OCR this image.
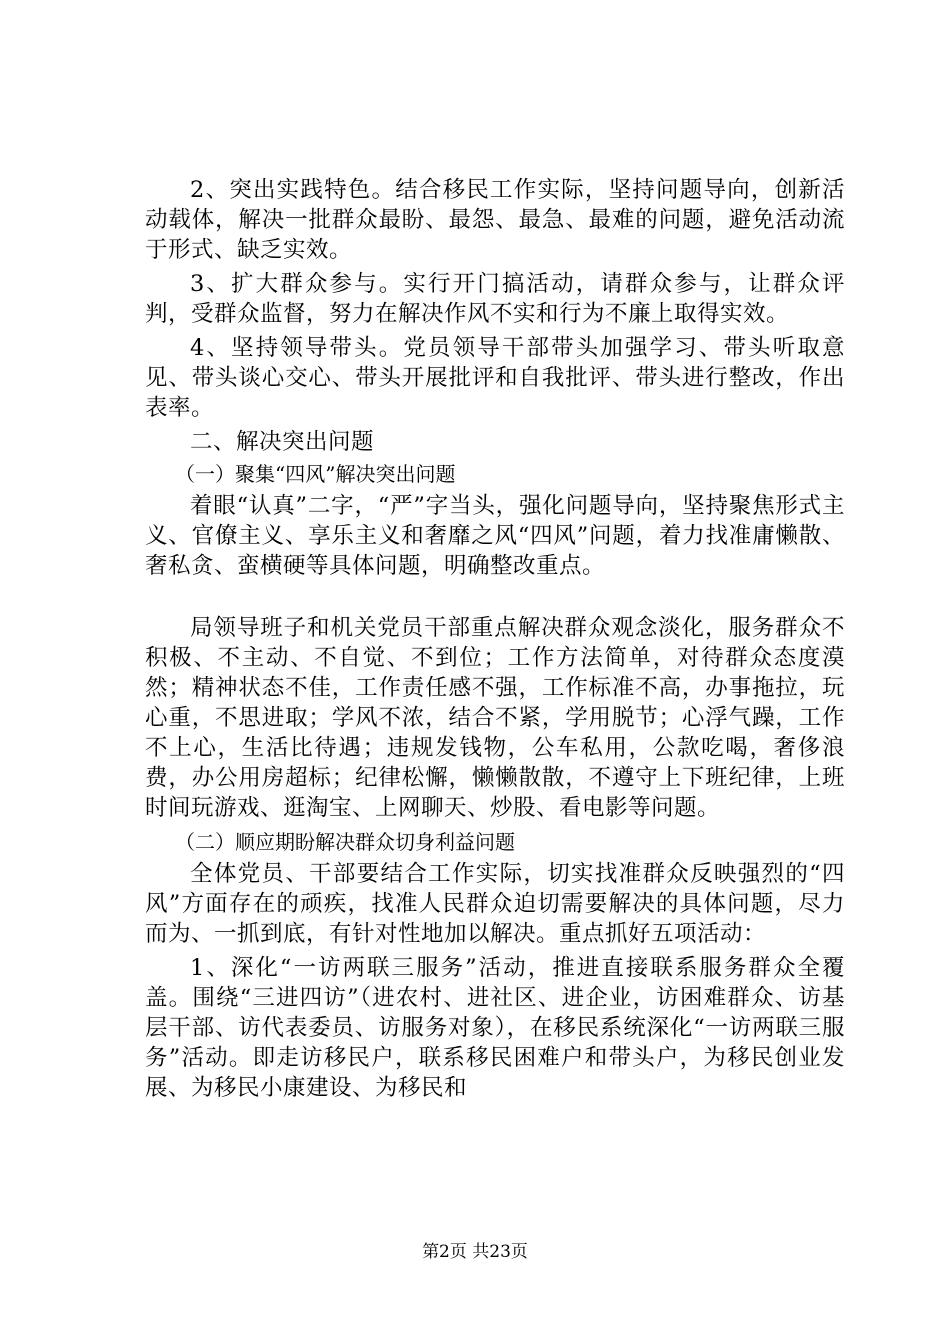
2、突出实践特色。结合移民工作实际，坚持问题导向，创新活动载体，解决一批群众最盼、最怨、最急、最难的问题，避免活动流于形式、缺乏实效。

3、扩大群众参与。实行开门搞活动，请群众参与，让群众评判，受群众监督，努力在解决作风不实和行为不廉上取得实效。

4、坚持领导带头。党员领导干部带头加强学习、带头听取意见、带头谈心交心、带头开展批评和自我批评、带头进行整改，作出表率。

二、解决突出问题

（一）聚集“四风”解决突出问题

着眼“认真”二字，“严”字当头，强化问题导向，坚持聚焦形式主义、官僚主义、享乐主义和奢靡之风“四风”问题，着力找准庸懒散、奢私贪、蛮横硬等具体问题，明确整改重点。

局领导班子和机关党员干部重点解决群众观念淡化，服务群众不积极、不主动、不自觉、不到位；工作方法简单，对待群众态度漠然；精神状态不佳，工作责任感不强，工作标准不高，办事拖拉，玩心重，不思进取；学风不浓，结合不紧，学用脱节；心浮气躁，工作不上心，生活比待遇；违规发钱物，公车私用，公款吃喝，奢侈浪费，办公用房超标；纪律松懈，懒懒散散，不遵守上下班纪律，上班时间玩游戏、逛淘宝、上网聊天、炒股、看电影等问题。

（二）顺应期盼解决群众切身利益问题

全体党员、干部要结合工作实际，切实找准群众反映强烈的“四风”方面存在的顽疾，找准人民群众迫切需要解决的具体问题，尽力而为、一抓到底，有针对性地加以解决。重点抓好五项活动：

1、深化“一访两联三服务”活动，推进直接联系服务群众全覆盖。围绕“三进四访”（进农村、进社区、进企业，访困难群众、访基层干部、访代表委员、访服务对象），在移民系统深化“一访两联三服务”活动。即走访移民户，联系移民困难户和带头户，为移民创业发展、为移民小康建设、为移民和

第2页 共23页
